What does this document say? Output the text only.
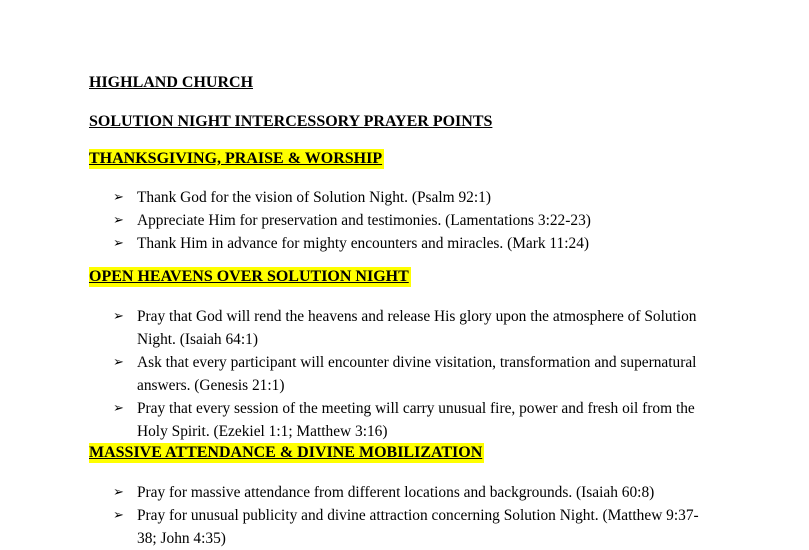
HIGHLAND CHURCH
SOLUTION NIGHT INTERCESSORY PRAYER POINTS
THANKSGIVING, PRAISE & WORSHIP
➢ Thank God for the vision of Solution Night. (Psalm 92:1)
➢ Appreciate Him for preservation and testimonies. (Lamentations 3:22-23)
➢ Thank Him in advance for mighty encounters and miracles. (Mark 11:24)
OPEN HEAVENS OVER SOLUTION NIGHT
➢ Pray that God will rend the heavens and release His glory upon the atmosphere of Solution Night. (Isaiah 64:1)
➢ Ask that every participant will encounter divine visitation, transformation and supernatural answers. (Genesis 21:1)
➢ Pray that every session of the meeting will carry unusual fire, power and fresh oil from the Holy Spirit. (Ezekiel 1:1; Matthew 3:16)
MASSIVE ATTENDANCE & DIVINE MOBILIZATION
➢ Pray for massive attendance from different locations and backgrounds. (Isaiah 60:8)
➢ Pray for unusual publicity and divine attraction concerning Solution Night. (Matthew 9:37-38; John 4:35)
